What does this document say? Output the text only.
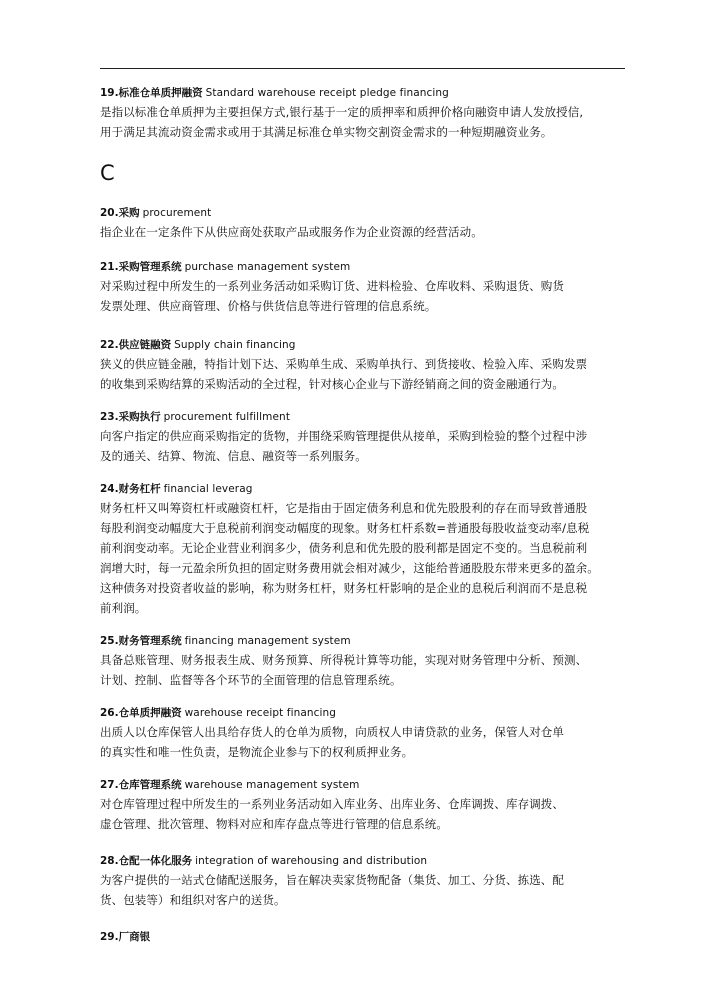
19.标准仓单质押融资 Standard warehouse receipt pledge financing
是指以标准仓单质押为主要担保方式,银行基于一定的质押率和质押价格向融资申请人发放授信,
用于满足其流动资金需求或用于其满足标准仓单实物交割资金需求的一种短期融资业务。
C
20.采购 procurement
指企业在一定条件下从供应商处获取产品或服务作为企业资源的经营活动。
21.采购管理系统 purchase management system
对采购过程中所发生的一系列业务活动如采购订货、进料检验、仓库收料、采购退货、购货
发票处理、供应商管理、价格与供货信息等进行管理的信息系统。
22.供应链融资 Supply chain financing
狭义的供应链金融，特指计划下达、采购单生成、采购单执行、到货接收、检验入库、采购发票
的收集到采购结算的采购活动的全过程，针对核心企业与下游经销商之间的资金融通行为。
23.采购执行 procurement fulfillment
向客户指定的供应商采购指定的货物，并围绕采购管理提供从接单，采购到检验的整个过程中涉
及的通关、结算、物流、信息、融资等一系列服务。
24.财务杠杆 financial leverag
财务杠杆又叫筹资杠杆或融资杠杆，它是指由于固定债务利息和优先股股利的存在而导致普通股
每股利润变动幅度大于息税前利润变动幅度的现象。财务杠杆系数=普通股每股收益变动率/息税
前利润变动率。无论企业营业利润多少，债务利息和优先股的股利都是固定不变的。当息税前利
润增大时，每一元盈余所负担的固定财务费用就会相对减少，这能给普通股股东带来更多的盈余。
这种债务对投资者收益的影响，称为财务杠杆，财务杠杆影响的是企业的息税后利润而不是息税
前利润。
25.财务管理系统 financing management system
具备总账管理、财务报表生成、财务预算、所得税计算等功能，实现对财务管理中分析、预测、
计划、控制、监督等各个环节的全面管理的信息管理系统。
26.仓单质押融资 warehouse receipt financing
出质人以仓库保管人出具给存货人的仓单为质物，向质权人申请贷款的业务，保管人对仓单
的真实性和唯一性负责，是物流企业参与下的权利质押业务。
27.仓库管理系统 warehouse management system
对仓库管理过程中所发生的一系列业务活动如入库业务、出库业务、仓库调拨、库存调拨、
虚仓管理、批次管理、物料对应和库存盘点等进行管理的信息系统。
28.仓配一体化服务 integration of warehousing and distribution
为客户提供的一站式仓储配送服务，旨在解决卖家货物配备（集货、加工、分货、拣选、配
货、包装等）和组织对客户的送货。
29.厂商银
